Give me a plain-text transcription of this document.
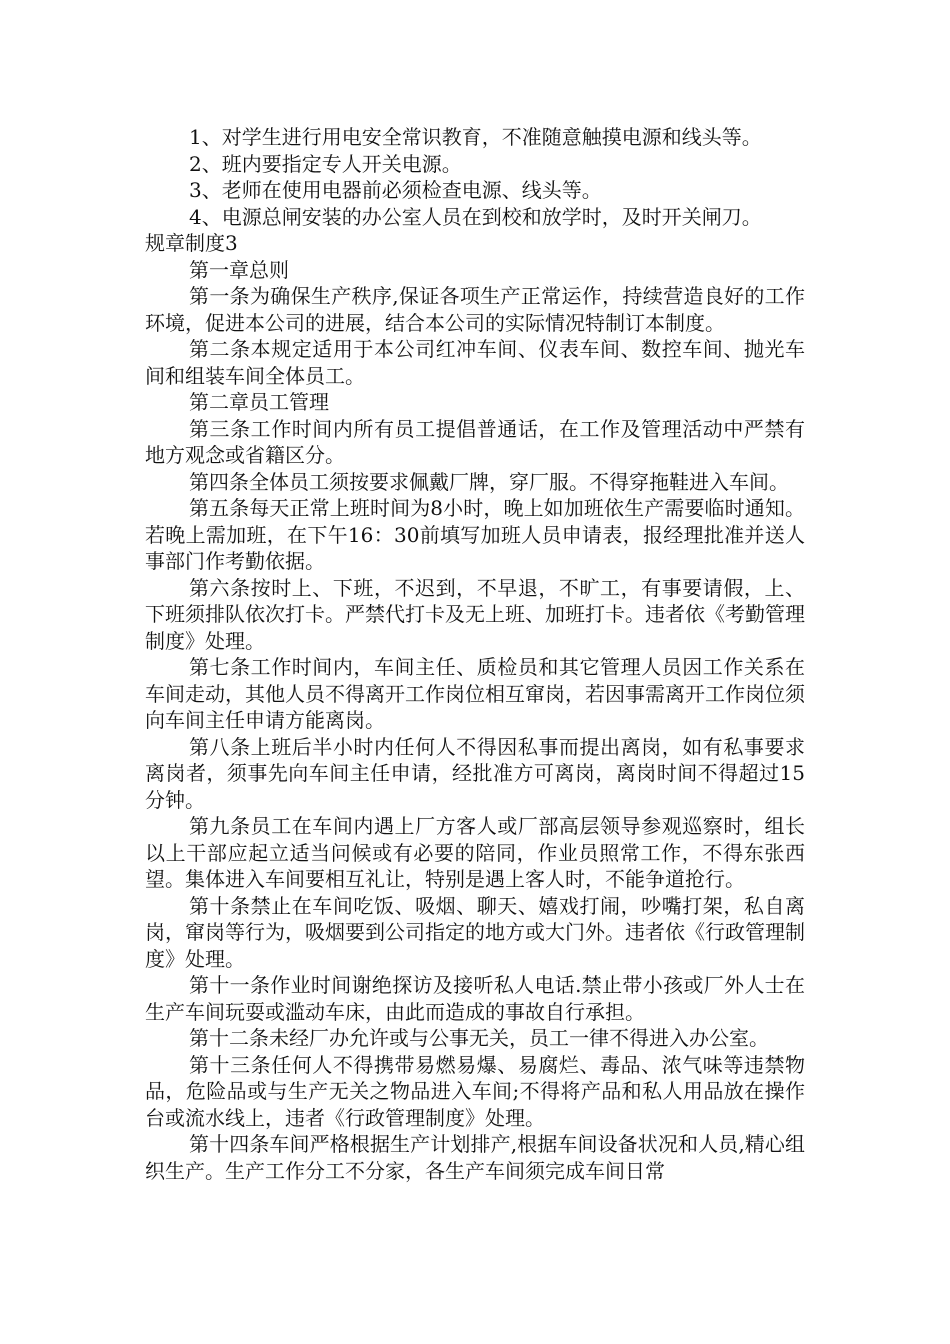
1、对学生进行用电安全常识教育，不准随意触摸电源和线头等。

2、班内要指定专人开关电源。

3、老师在使用电器前必须检查电源、线头等。

4、电源总闸安装的办公室人员在到校和放学时，及时开关闸刀。

规章制度3

第一章总则

第一条为确保生产秩序,保证各项生产正常运作，持续营造良好的工作环境，促进本公司的进展，结合本公司的实际情况特制订本制度。

第二条本规定适用于本公司红冲车间、仪表车间、数控车间、抛光车间和组装车间全体员工。

第二章员工管理

第三条工作时间内所有员工提倡普通话，在工作及管理活动中严禁有地方观念或省籍区分。

第四条全体员工须按要求佩戴厂牌，穿厂服。不得穿拖鞋进入车间。

第五条每天正常上班时间为8小时，晚上如加班依生产需要临时通知。若晚上需加班，在下午16：30前填写加班人员申请表，报经理批准并送人事部门作考勤依据。

第六条按时上、下班，不迟到，不早退，不旷工，有事要请假，上、下班须排队依次打卡。严禁代打卡及无上班、加班打卡。违者依《考勤管理制度》处理。

第七条工作时间内，车间主任、质检员和其它管理人员因工作关系在车间走动，其他人员不得离开工作岗位相互窜岗，若因事需离开工作岗位须向车间主任申请方能离岗。

第八条上班后半小时内任何人不得因私事而提出离岗，如有私事要求离岗者，须事先向车间主任申请，经批准方可离岗，离岗时间不得超过15分钟。

第九条员工在车间内遇上厂方客人或厂部高层领导参观巡察时，组长以上干部应起立适当问候或有必要的陪同，作业员照常工作，不得东张西望。集体进入车间要相互礼让，特别是遇上客人时，不能争道抢行。

第十条禁止在车间吃饭、吸烟、聊天、嬉戏打闹，吵嘴打架，私自离岗，窜岗等行为，吸烟要到公司指定的地方或大门外。违者依《行政管理制度》处理。

第十一条作业时间谢绝探访及接听私人电话.禁止带小孩或厂外人士在生产车间玩耍或滥动车床，由此而造成的事故自行承担。

第十二条未经厂办允许或与公事无关，员工一律不得进入办公室。

第十三条任何人不得携带易燃易爆、易腐烂、毒品、浓气味等违禁物品，危险品或与生产无关之物品进入车间;不得将产品和私人用品放在操作台或流水线上，违者《行政管理制度》处理。

第十四条车间严格根据生产计划排产,根据车间设备状况和人员,精心组织生产。生产工作分工不分家，各生产车间须完成车间日常
